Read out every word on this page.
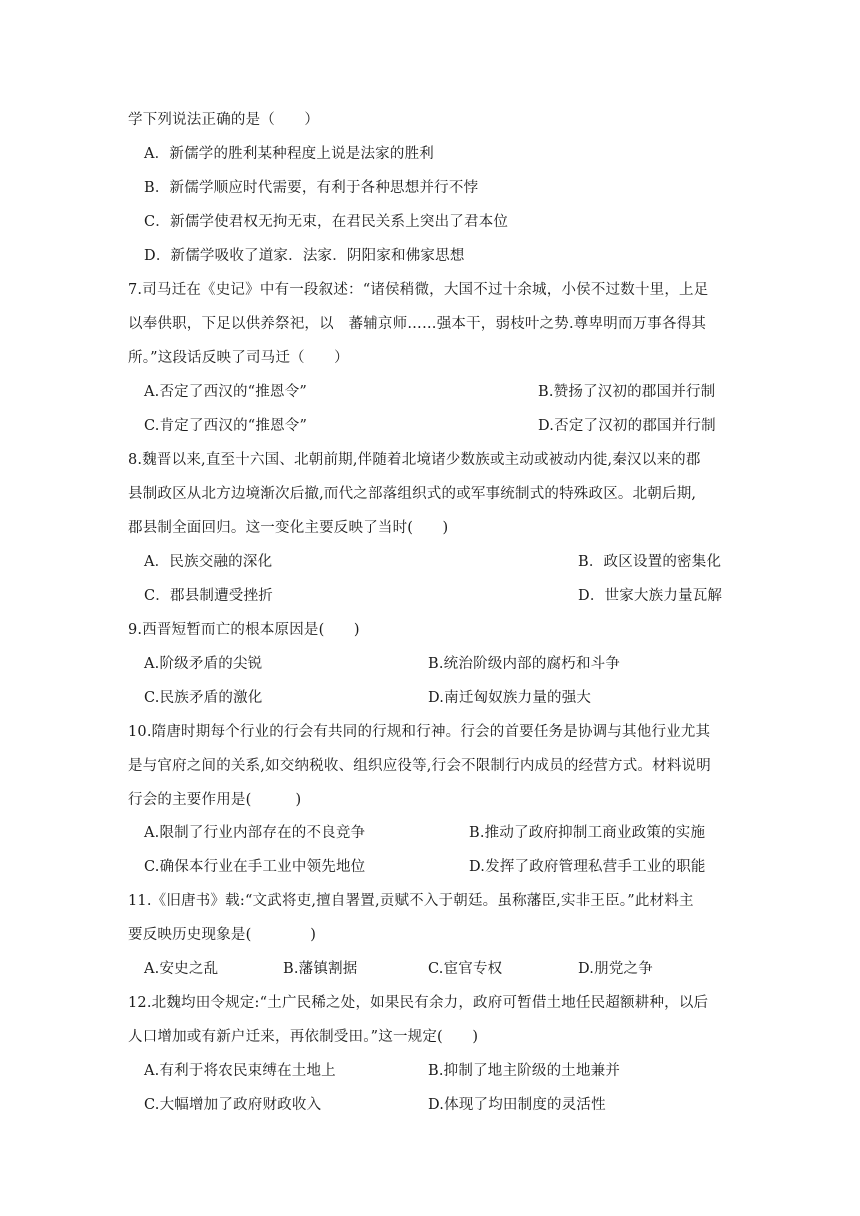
学下列说法正确的是（　　）
A．新儒学的胜利某种程度上说是法家的胜利
B．新儒学顺应时代需要，有利于各种思想并行不悖
C．新儒学使君权无拘无束，在君民关系上突出了君本位
D．新儒学吸收了道家．法家．阴阳家和佛家思想
7.司马迁在《史记》中有一段叙述：“诸侯稍微，大国不过十余城，小侯不过数十里，上足
以奉供职，下足以供养祭祀，以　蕃辅京师……强本干，弱枝叶之势.尊卑明而万事各得其
所。”这段话反映了司马迁（　　）
A.否定了西汉的“推恩令”	B.赞扬了汉初的郡国并行制
C.肯定了西汉的“推恩令”	D.否定了汉初的郡国并行制
8.魏晋以来,直至十六国、北朝前期,伴随着北境诸少数族或主动或被动内徙,秦汉以来的郡
县制政区从北方边境渐次后撤,而代之部落组织式的或军事统制式的特殊政区。北朝后期,
郡县制全面回归。这一变化主要反映了当时(　　)
A．民族交融的深化	B．政区设置的密集化
C．郡县制遭受挫折	D．世家大族力量瓦解
9.西晋短暂而亡的根本原因是(　　)
A.阶级矛盾的尖锐	B.统治阶级内部的腐朽和斗争
C.民族矛盾的激化	D.南迁匈奴族力量的强大
10.隋唐时期每个行业的行会有共同的行规和行神。行会的首要任务是协调与其他行业尤其
是与官府之间的关系,如交纳税收、组织应役等,行会不限制行内成员的经营方式。材料说明
行会的主要作用是(　　　)
A.限制了行业内部存在的不良竞争	B.推动了政府抑制工商业政策的实施
C.确保本行业在手工业中领先地位	D.发挥了政府管理私营手工业的职能
11.《旧唐书》载:“文武将吏,擅自署置,贡赋不入于朝廷。虽称藩臣,实非王臣。”此材料主
要反映历史现象是(　　　　)
A.安史之乱	B.藩镇割据	C.宦官专权	D.朋党之争
12.北魏均田令规定:“土广民稀之处，如果民有余力，政府可暂借土地任民超额耕种，以后
人口增加或有新户迁来，再依制受田。”这一规定(　　)
A.有利于将农民束缚在土地上	B.抑制了地主阶级的土地兼并
C.大幅增加了政府财政收入	D.体现了均田制度的灵活性
